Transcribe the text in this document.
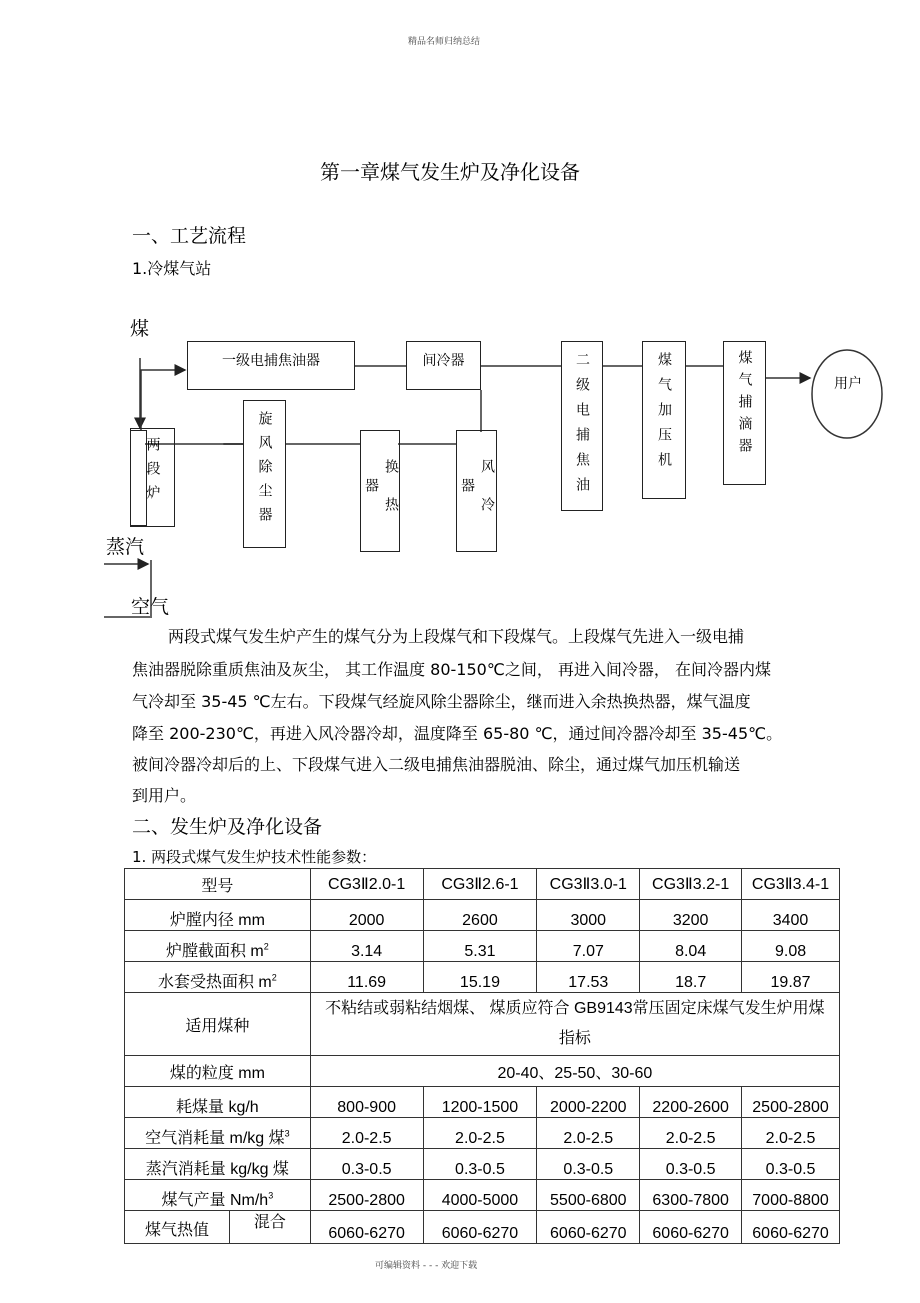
精品名师归纳总结
第一章煤气发生炉及净化设备
一、工艺流程
1.冷煤气站
煤
蒸汽
空气
两段炉
一级电捕焦油器	间冷器
旋风除尘器	换热器	风冷器	二级电捕焦油	煤气加压机	煤气捕滴器	用户
两段式煤气发生炉产生的煤气分为上段煤气和下段煤气。上段煤气先进入一级电捕
焦油器脱除重质焦油及灰尘， 其工作温度 80-150℃之间， 再进入间冷器， 在间冷器内煤
气冷却至 35-45 ℃左右。下段煤气经旋风除尘器除尘，继而进入余热换热器，煤气温度
降至 200-230℃，再进入风冷器冷却，温度降至 65-80 ℃，通过间冷器冷却至 35-45℃。
被间冷器冷却后的上、下段煤气进入二级电捕焦油器脱油、除尘，通过煤气加压机输送
到用户。
二、发生炉及净化设备
1. 两段式煤气发生炉技术性能参数：
型号	CG3Ⅱ2.0-1	CG3Ⅱ2.6-1	CG3Ⅱ3.0-1	CG3Ⅱ3.2-1	CG3Ⅱ3.4-1
炉膛内径 mm	2000	2600	3000	3200	3400
炉膛截面积 $m^2$	3.14	5.31	7.07	8.04	9.08
水套受热面积 $m^2$	11.69	15.19	17.53	18.7	19.87
适用煤种	不粘结或弱粘结烟煤、 煤质应符合 GB9143常压固定床煤气发生炉用煤指标				
煤的粒度 mm	20-40、25-50、30-60				
耗煤量 kg/h	800-900	1200-1500	2000-2200	2200-2600	2500-2800
空气消耗量 m/kg 煤$^3$	2.0-2.5	2.0-2.5	2.0-2.5	2.0-2.5	2.0-2.5
蒸汽消耗量 kg/kg 煤	0.3-0.5	0.3-0.5	0.3-0.5	0.3-0.5	0.3-0.5
煤气产量 $Nm/h^3$	2500-2800	4000-5000	5500-6800	6300-7800	7000-8800

煤气热值 混合	6060-6270	6060-6270	6060-6270	6060-6270	6060-6270
可编辑资料 - - - 欢迎下载
